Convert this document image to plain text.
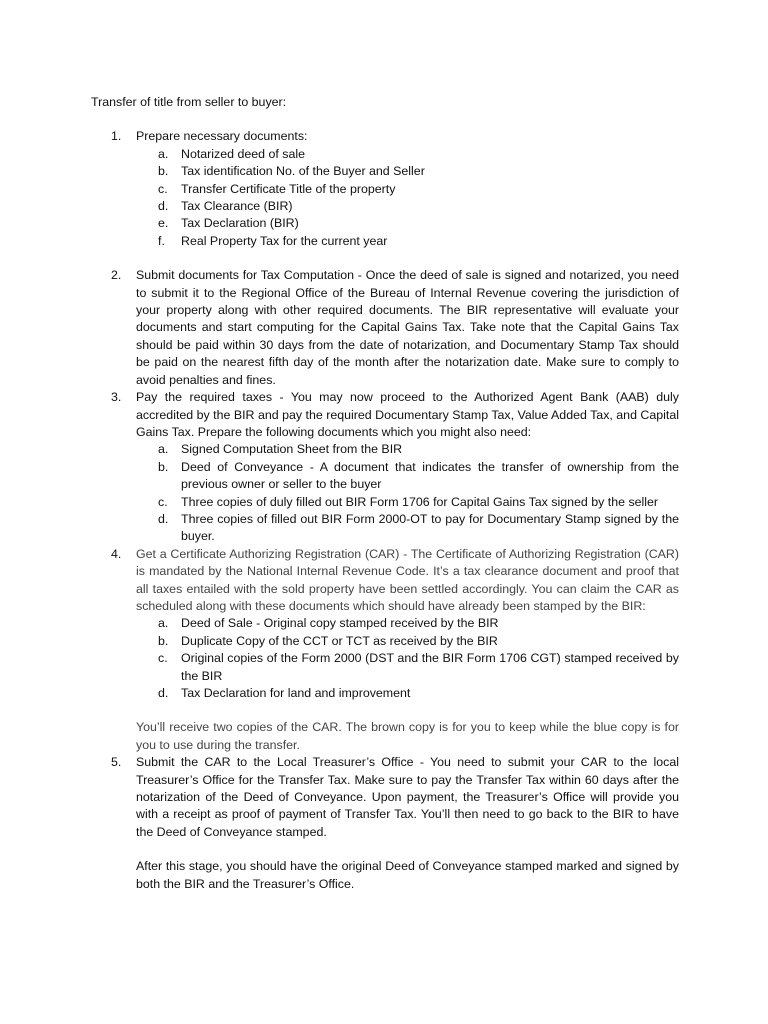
Transfer of title from seller to buyer:
1. Prepare necessary documents:
a. Notarized deed of sale
b. Tax identification No. of the Buyer and Seller
c. Transfer Certificate Title of the property
d. Tax Clearance (BIR)
e. Tax Declaration (BIR)
f. Real Property Tax for the current year
2. Submit documents for Tax Computation - Once the deed of sale is signed and notarized, you need to submit it to the Regional Office of the Bureau of Internal Revenue covering the jurisdiction of your property along with other required documents. The BIR representative will evaluate your documents and start computing for the Capital Gains Tax. Take note that the Capital Gains Tax should be paid within 30 days from the date of notarization, and Documentary Stamp Tax should be paid on the nearest fifth day of the month after the notarization date. Make sure to comply to avoid penalties and fines.
3. Pay the required taxes - You may now proceed to the Authorized Agent Bank (AAB) duly accredited by the BIR and pay the required Documentary Stamp Tax, Value Added Tax, and Capital Gains Tax. Prepare the following documents which you might also need:
a. Signed Computation Sheet from the BIR
b. Deed of Conveyance - A document that indicates the transfer of ownership from the previous owner or seller to the buyer
c. Three copies of duly filled out BIR Form 1706 for Capital Gains Tax signed by the seller
d. Three copies of filled out BIR Form 2000-OT to pay for Documentary Stamp signed by the buyer.
4. Get a Certificate Authorizing Registration (CAR) - The Certificate of Authorizing Registration (CAR) is mandated by the National Internal Revenue Code. It’s a tax clearance document and proof that all taxes entailed with the sold property have been settled accordingly. You can claim the CAR as scheduled along with these documents which should have already been stamped by the BIR:
a. Deed of Sale - Original copy stamped received by the BIR
b. Duplicate Copy of the CCT or TCT as received by the BIR
c. Original copies of the Form 2000 (DST and the BIR Form 1706 CGT) stamped received by the BIR
d. Tax Declaration for land and improvement
You’ll receive two copies of the CAR. The brown copy is for you to keep while the blue copy is for you to use during the transfer.
5. Submit the CAR to the Local Treasurer’s Office - You need to submit your CAR to the local Treasurer’s Office for the Transfer Tax. Make sure to pay the Transfer Tax within 60 days after the notarization of the Deed of Conveyance. Upon payment, the Treasurer’s Office will provide you with a receipt as proof of payment of Transfer Tax. You’ll then need to go back to the BIR to have the Deed of Conveyance stamped.
After this stage, you should have the original Deed of Conveyance stamped marked and signed by both the BIR and the Treasurer’s Office.
